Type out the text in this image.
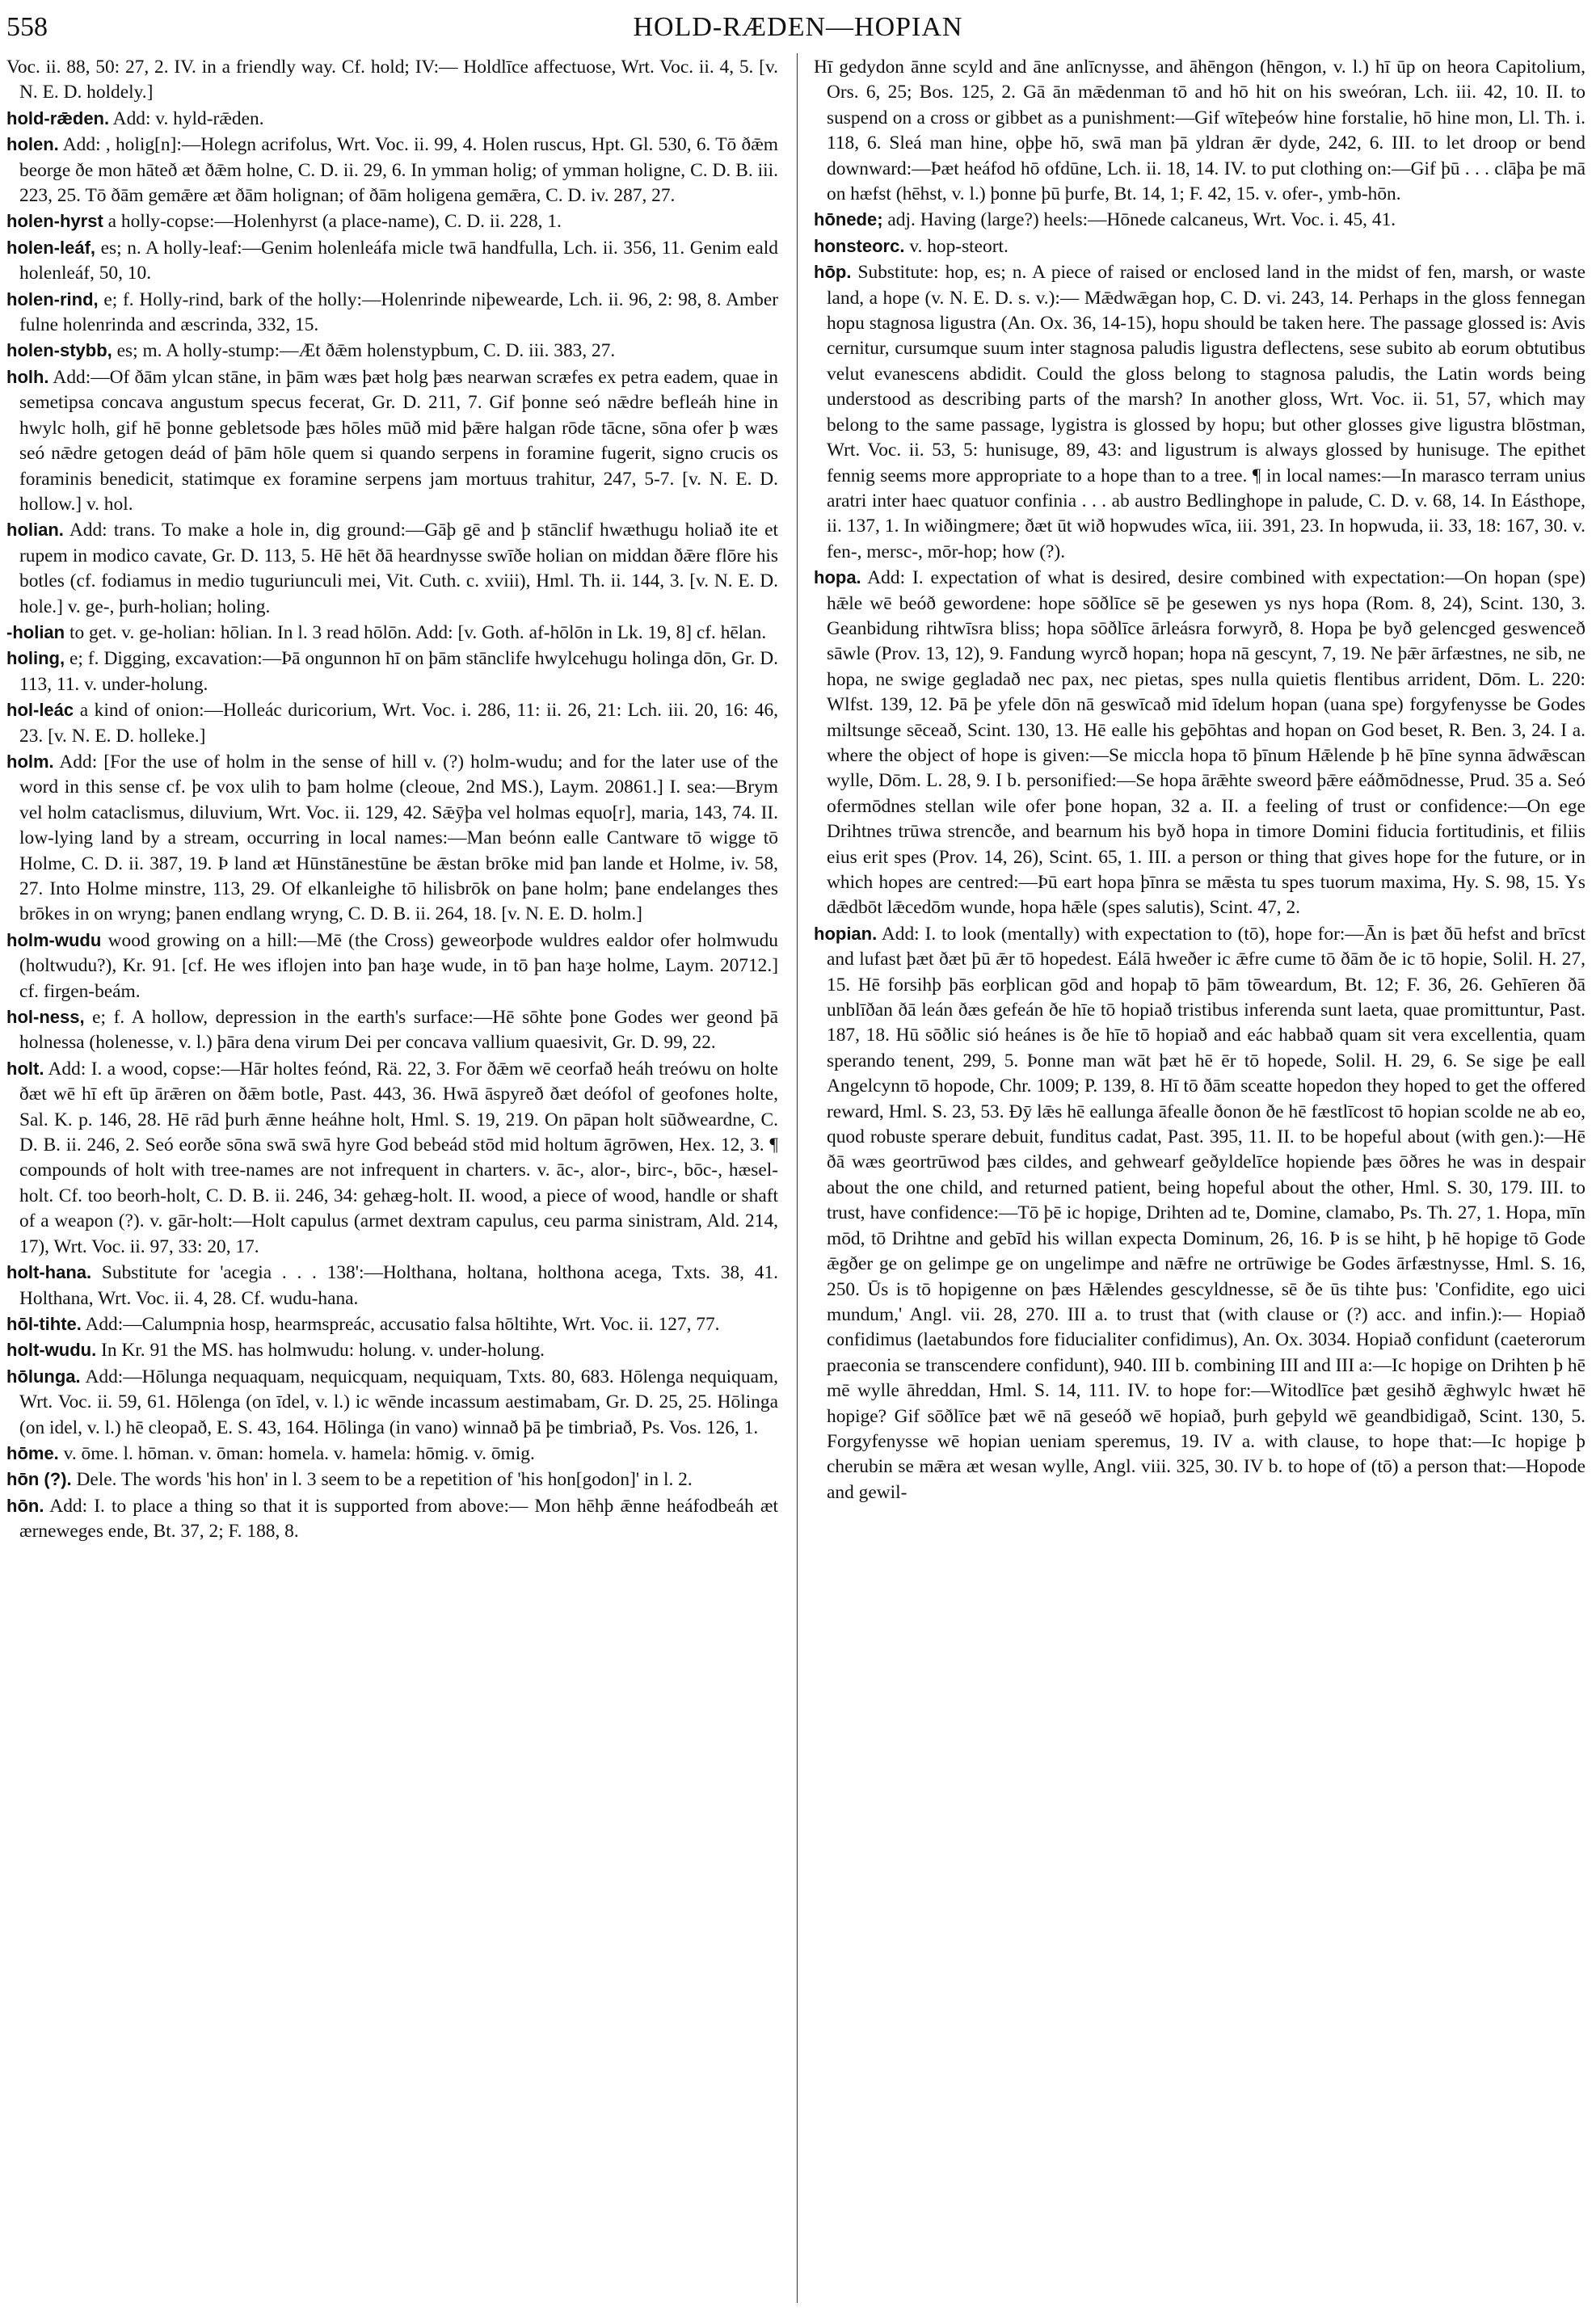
558	HOLD-RÆDEN—HOPIAN

Voc. ii. 88, 50: 27, 2. IV. in a friendly way. Cf. hold; IV:— Holdlīce affectuose, Wrt. Voc. ii. 4, 5. [v. N. E. D. holdely.]

hold-rǣden. Add: v. hyld-rǣden.

holen. Add: , holig[n]:—Holegn acrifolus, Wrt. Voc. ii. 99, 4. Holen ruscus, Hpt. Gl. 530, 6. Tō ðǣm beorge ðe mon hāteð æt ðǣm holne, C. D. ii. 29, 6. In ymman holig; of ymman holigne, C. D. B. iii. 223, 25. Tō ðām gemǣre æt ðām holignan; of ðām holigena gemǣra, C. D. iv. 287, 27.

holen-hyrst a holly-copse:—Holenhyrst (a place-name), C. D. ii. 228, 1.

holen-leáf, es; n. A holly-leaf:—Genim holenleáfa micle twā handfulla, Lch. ii. 356, 11. Genim eald holenleáf, 50, 10.

holen-rind, e; f. Holly-rind, bark of the holly:—Holenrinde niþewearde, Lch. ii. 96, 2: 98, 8. Amber fulne holenrinda and æscrinda, 332, 15.

holen-stybb, es; m. A holly-stump:—Æt ðǣm holenstypbum, C. D. iii. 383, 27.

holh. Add:—Of ðām ylcan stāne, in þām wæs þæt holg þæs nearwan scræfes ex petra eadem, quae in semetipsa concava angustum specus fecerat, Gr. D. 211, 7. Gif þonne seó nǣdre befleáh hine in hwylc holh, gif hē þonne gebletsode þæs hōles mūð mid þǣre halgan rōde tācne, sōna ofer þ wæs seó nǣdre getogen deád of þām hōle quem si quando serpens in foramine fugerit, signo crucis os foraminis benedicit, statimque ex foramine serpens jam mortuus trahitur, 247, 5-7. [v. N. E. D. hollow.] v. hol.

holian. Add: trans. To make a hole in, dig ground:—Gāþ gē and þ stānclif hwæthugu holiað ite et rupem in modico cavate, Gr. D. 113, 5. Hē hēt ðā heardnysse swīðe holian on middan ðǣre flōre his botles (cf. fodiamus in medio tuguriunculi mei, Vit. Cuth. c. xviii), Hml. Th. ii. 144, 3. [v. N. E. D. hole.] v. ge-, þurh-holian; holing.

-holian to get. v. ge-holian: hōlian. In l. 3 read hōlōn. Add: [v. Goth. af-hōlōn in Lk. 19, 8] cf. hēlan.

holing, e; f. Digging, excavation:—Þā ongunnon hī on þām stānclife hwylcehugu holinga dōn, Gr. D. 113, 11. v. under-holung.

hol-leác a kind of onion:—Holleác duricorium, Wrt. Voc. i. 286, 11: ii. 26, 21: Lch. iii. 20, 16: 46, 23. [v. N. E. D. holleke.]

holm. Add: [For the use of holm in the sense of hill v. (?) holm-wudu; and for the later use of the word in this sense cf. þe vox ulih to þam holme (cleoue, 2nd MS.), Laym. 20861.] I. sea:—Brym vel holm cataclismus, diluvium, Wrt. Voc. ii. 129, 42. Sǣȳþa vel holmas equo[r], maria, 143, 74. II. low-lying land by a stream, occurring in local names:—Man beónn ealle Cantware tō wigge tō Holme, C. D. ii. 387, 19. Þ land æt Hūnstānestūne be ǣstan brōke mid þan lande et Holme, iv. 58, 27. Into Holme minstre, 113, 29. Of elkanleighe tō hilisbrōk on þane holm; þane endelanges thes brōkes in on wryng; þanen endlang wryng, C. D. B. ii. 264, 18. [v. N. E. D. holm.]

holm-wudu wood growing on a hill:—Mē (the Cross) geweorþode wuldres ealdor ofer holmwudu (holtwudu?), Kr. 91. [cf. He wes iflojen into þan haȝe wude, in tō þan haȝe holme, Laym. 20712.] cf. firgen-beám.

hol-ness, e; f. A hollow, depression in the earth's surface:—Hē sōhte þone Godes wer geond þā holnessa (holenesse, v. l.) þāra dena virum Dei per concava vallium quaesivit, Gr. D. 99, 22.

holt. Add: I. a wood, copse:—Hār holtes feónd, Rä. 22, 3. For ðǣm wē ceorfað heáh treówu on holte ðæt wē hī eft ūp ārǣren on ðǣm botle, Past. 443, 36. Hwā āspyreð ðæt deófol of geofones holte, Sal. K. p. 146, 28. Hē rād þurh ǣnne heáhne holt, Hml. S. 19, 219. On pāpan holt sūðweardne, C. D. B. ii. 246, 2. Seó eorðe sōna swā swā hyre God bebeád stōd mid holtum āgrōwen, Hex. 12, 3. ¶ compounds of holt with tree-names are not infrequent in charters. v. āc-, alor-, birc-, bōc-, hæsel-holt. Cf. too beorh-holt, C. D. B. ii. 246, 34: gehæg-holt. II. wood, a piece of wood, handle or shaft of a weapon (?). v. gār-holt:—Holt capulus (armet dextram capulus, ceu parma sinistram, Ald. 214, 17), Wrt. Voc. ii. 97, 33: 20, 17.

holt-hana. Substitute for 'acegia . . . 138':—Holthana, holtana, holthona acega, Txts. 38, 41. Holthana, Wrt. Voc. ii. 4, 28. Cf. wudu-hana.

hōl-tihte. Add:—Calumpnia hosp, hearmspreác, accusatio falsa hōltihte, Wrt. Voc. ii. 127, 77.

holt-wudu. In Kr. 91 the MS. has holmwudu: holung. v. under-holung.

hōlunga. Add:—Hōlunga nequaquam, nequicquam, nequiquam, Txts. 80, 683. Hōlenga nequiquam, Wrt. Voc. ii. 59, 61. Hōlenga (on īdel, v. l.) ic wēnde incassum aestimabam, Gr. D. 25, 25. Hōlinga (on idel, v. l.) hē cleopað, E. S. 43, 164. Hōlinga (in vano) winnað þā þe timbriað, Ps. Vos. 126, 1.

hōme. v. ōme. l. hōman. v. ōman: homela. v. hamela: hōmig. v. ōmig.

hōn (?). Dele. The words 'his hon' in l. 3 seem to be a repetition of 'his hon[godon]' in l. 2.

hōn. Add: I. to place a thing so that it is supported from above:— Mon hēhþ ǣnne heáfodbeáh æt ærneweges ende, Bt. 37, 2; F. 188, 8.

Hī gedydon ānne scyld and āne anlīcnysse, and āhēngon (hēngon, v. l.) hī ūp on heora Capitolium, Ors. 6, 25; Bos. 125, 2. Gā ān mǣdenman tō and hō hit on his sweóran, Lch. iii. 42, 10. II. to suspend on a cross or gibbet as a punishment:—Gif wīteþeów hine forstalie, hō hine mon, Ll. Th. i. 118, 6. Sleá man hine, oþþe hō, swā man þā yldran ǣr dyde, 242, 6. III. to let droop or bend downward:—Þæt heáfod hō ofdūne, Lch. ii. 18, 14. IV. to put clothing on:—Gif þū . . . clāþa þe mā on hæfst (hēhst, v. l.) þonne þū þurfe, Bt. 14, 1; F. 42, 15. v. ofer-, ymb-hōn.

hōnede; adj. Having (large?) heels:—Hōnede calcaneus, Wrt. Voc. i. 45, 41.

honsteorc. v. hop-steort.

hōp. Substitute: hop, es; n. A piece of raised or enclosed land in the midst of fen, marsh, or waste land, a hope (v. N. E. D. s. v.):— Mǣdwǣgan hop, C. D. vi. 243, 14. Perhaps in the gloss fennegan hopu stagnosa ligustra (An. Ox. 36, 14-15), hopu should be taken here. The passage glossed is: Avis cernitur, cursumque suum inter stagnosa paludis ligustra deflectens, sese subito ab eorum obtutibus velut evanescens abdidit. Could the gloss belong to stagnosa paludis, the Latin words being understood as describing parts of the marsh? In another gloss, Wrt. Voc. ii. 51, 57, which may belong to the same passage, lygistra is glossed by hopu; but other glosses give ligustra blōstman, Wrt. Voc. ii. 53, 5: hunisuge, 89, 43: and ligustrum is always glossed by hunisuge. The epithet fennig seems more appropriate to a hope than to a tree. ¶ in local names:—In marasco terram unius aratri inter haec quatuor confinia . . . ab austro Bedlinghope in palude, C. D. v. 68, 14. In Eásthope, ii. 137, 1. In wiðingmere; ðæt ūt wið hopwudes wīca, iii. 391, 23. In hopwuda, ii. 33, 18: 167, 30. v. fen-, mersc-, mōr-hop; how (?).

hopa. Add: I. expectation of what is desired, desire combined with expectation:—On hopan (spe) hǣle wē beóð gewordene: hope sōðlīce sē þe gesewen ys nys hopa (Rom. 8, 24), Scint. 130, 3. Geanbidung rihtwīsra bliss; hopa sōðlīce ārleásra forwyrð, 8. Hopa þe byð gelencged geswenceð sāwle (Prov. 13, 12), 9. Fandung wyrcð hopan; hopa nā gescynt, 7, 19. Ne þǣr ārfæstnes, ne sib, ne hopa, ne swige gegladað nec pax, nec pietas, spes nulla quietis flentibus arrident, Dōm. L. 220: Wlfst. 139, 12. Þā þe yfele dōn nā geswīcað mid īdelum hopan (uana spe) forgyfenysse be Godes miltsunge sēceað, Scint. 130, 13. Hē ealle his geþōhtas and hopan on God beset, R. Ben. 3, 24. I a. where the object of hope is given:—Se miccla hopa tō þīnum Hǣlende þ hē þīne synna ādwǣscan wylle, Dōm. L. 28, 9. I b. personified:—Se hopa ārǣhte sweord þǣre eáðmōdnesse, Prud. 35 a. Seó ofermōdnes stellan wile ofer þone hopan, 32 a. II. a feeling of trust or confidence:—On ege Drihtnes trūwa strencðe, and bearnum his byð hopa in timore Domini fiducia fortitudinis, et filiis eius erit spes (Prov. 14, 26), Scint. 65, 1. III. a person or thing that gives hope for the future, or in which hopes are centred:—Þū eart hopa þīnra se mǣsta tu spes tuorum maxima, Hy. S. 98, 15. Ys dǣdbōt lǣcedōm wunde, hopa hǣle (spes salutis), Scint. 47, 2.

hopian. Add: I. to look (mentally) with expectation to (tō), hope for:—Ān is þæt ðū hefst and brīcst and lufast þæt ðæt þū ǣr tō hopedest. Eálā hweðer ic ǣfre cume tō ðām ðe ic tō hopie, Solil. H. 27, 15. Hē forsihþ þās eorþlican gōd and hopaþ tō þām tōweardum, Bt. 12; F. 36, 26. Gehīeren ðā unblīðan ðā leán ðæs gefeán ðe hīe tō hopiað tristibus inferenda sunt laeta, quae promittuntur, Past. 187, 18. Hū sōðlic sió heánes is ðe hīe tō hopiað and eác habbað quam sit vera excellentia, quam sperando tenent, 299, 5. Þonne man wāt þæt hē ēr tō hopede, Solil. H. 29, 6. Se sige þe eall Angelcynn tō hopode, Chr. 1009; P. 139, 8. Hī tō ðām sceatte hopedon they hoped to get the offered reward, Hml. S. 23, 53. Ðȳ lǣs hē eallunga āfealle ðonon ðe hē fæstlīcost tō hopian scolde ne ab eo, quod robuste sperare debuit, funditus cadat, Past. 395, 11. II. to be hopeful about (with gen.):—Hē ðā wæs geortrūwod þæs cildes, and gehwearf geðyldelīce hopiende þæs ōðres he was in despair about the one child, and returned patient, being hopeful about the other, Hml. S. 30, 179. III. to trust, have confidence:—Tō þē ic hopige, Drihten ad te, Domine, clamabo, Ps. Th. 27, 1. Hopa, mīn mōd, tō Drihtne and gebīd his willan expecta Dominum, 26, 16. Þ is se hiht, þ hē hopige tō Gode ǣgðer ge on gelimpe ge on ungelimpe and nǣfre ne ortrūwige be Godes ārfæstnysse, Hml. S. 16, 250. Ūs is tō hopigenne on þæs Hǣlendes gescyldnesse, sē ðe ūs tihte þus: 'Confidite, ego uici mundum,' Angl. vii. 28, 270. III a. to trust that (with clause or (?) acc. and infin.):— Hopiað confidimus (laetabundos fore fiducialiter confidimus), An. Ox. 3034. Hopiað confidunt (caeterorum praeconia se transcendere confidunt), 940. III b. combining III and III a:—Ic hopige on Drihten þ hē mē wylle āhreddan, Hml. S. 14, 111. IV. to hope for:—Witodlīce þæt gesihð ǣghwylc hwæt hē hopige? Gif sōðlīce þæt wē nā geseóð wē hopiað, þurh geþyld wē geandbidigað, Scint. 130, 5. Forgyfenysse wē hopian ueniam speremus, 19. IV a. with clause, to hope that:—Ic hopige þ cherubin se mǣra æt wesan wylle, Angl. viii. 325, 30. IV b. to hope of (tō) a person that:—Hopode and gewil-
